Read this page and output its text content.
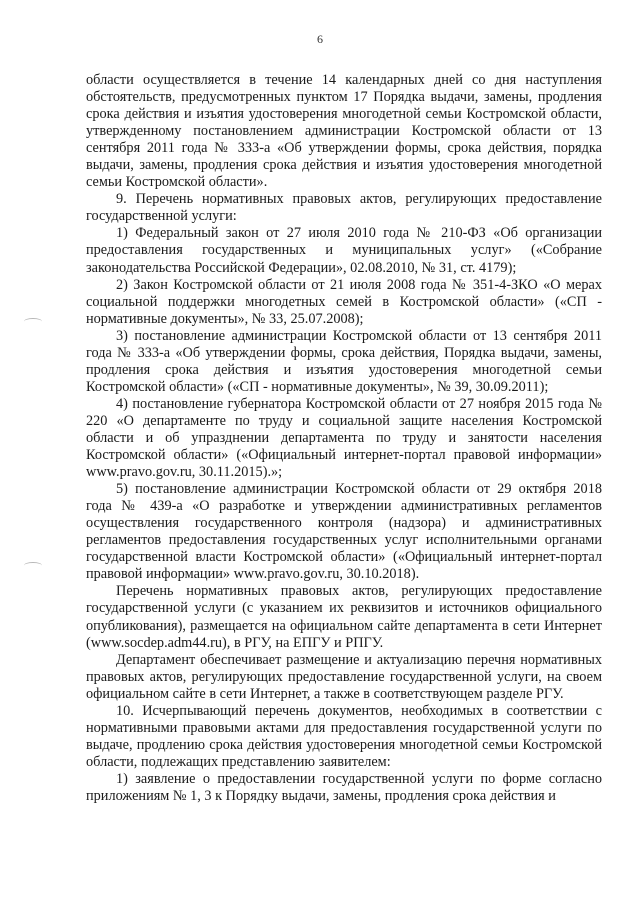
6

области осуществляется в течение 14 календарных дней со дня наступления обстоятельств, предусмотренных пунктом 17 Порядка выдачи, замены, продления срока действия и изъятия удостоверения многодетной семьи Костромской области, утвержденному постановлением администрации Костромской области от 13 сентября 2011 года № 333-а «Об утверждении формы, срока действия, порядка выдачи, замены, продления срока действия и изъятия удостоверения многодетной семьи Костромской области».

9. Перечень нормативных правовых актов, регулирующих предоставление государственной услуги:

1) Федеральный закон от 27 июля 2010 года № 210-ФЗ «Об организации предоставления государственных и муниципальных услуг» («Собрание законодательства Российской Федерации», 02.08.2010, № 31, ст. 4179);

2) Закон Костромской области от 21 июля 2008 года № 351-4-ЗКО «О мерах социальной поддержки многодетных семей в Костромской области» («СП - нормативные документы», № 33, 25.07.2008);

3) постановление администрации Костромской области от 13 сентября 2011 года № 333-а «Об утверждении формы, срока действия, Порядка выдачи, замены, продления срока действия и изъятия удостоверения многодетной семьи Костромской области» («СП - нормативные документы», № 39, 30.09.2011);

4) постановление губернатора Костромской области от 27 ноября 2015 года № 220 «О департаменте по труду и социальной защите населения Костромской области и об упразднении департамента по труду и занятости населения Костромской области» («Официальный интернет-портал правовой информации» www.pravo.gov.ru, 30.11.2015).»;

5) постановление администрации Костромской области от 29 октября 2018 года № 439-а «О разработке и утверждении административных регламентов осуществления государственного контроля (надзора) и административных регламентов предоставления государственных услуг исполнительными органами государственной власти Костромской области» («Официальный интернет-портал правовой информации» www.pravo.gov.ru, 30.10.2018).

Перечень нормативных правовых актов, регулирующих предоставление государственной услуги (с указанием их реквизитов и источников официального опубликования), размещается на официальном сайте департамента в сети Интернет (www.socdep.adm44.ru), в РГУ, на ЕПГУ и РПГУ.

Департамент обеспечивает размещение и актуализацию перечня нормативных правовых актов, регулирующих предоставление государственной услуги, на своем официальном сайте в сети Интернет, а также в соответствующем разделе РГУ.

10. Исчерпывающий перечень документов, необходимых в соответствии с нормативными правовыми актами для предоставления государственной услуги по выдаче, продлению срока действия удостоверения многодетной семьи Костромской области, подлежащих представлению заявителем:

1) заявление о предоставлении государственной услуги по форме согласно приложениям № 1, 3 к Порядку выдачи, замены, продления срока действия и
